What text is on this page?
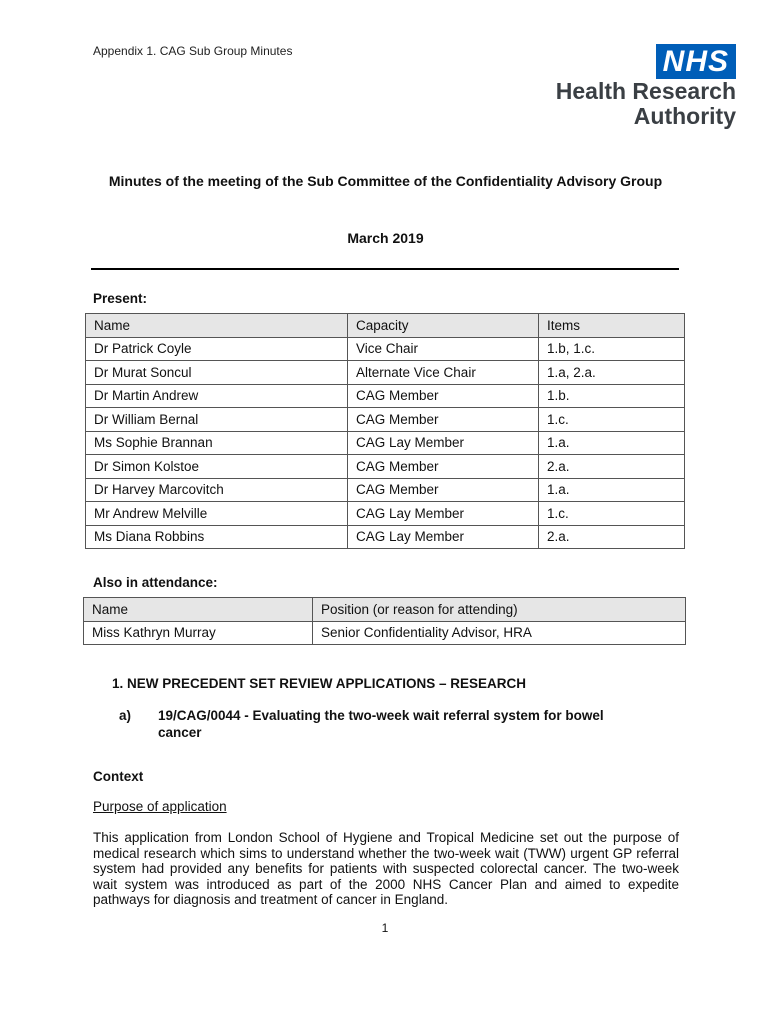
Appendix 1. CAG Sub Group Minutes	NHS
Health Research
Authority
Minutes of the meeting of the Sub Committee of the Confidentiality Advisory Group
March 2019
Present:
Name	Capacity	Items
Dr Patrick Coyle	Vice Chair	1.b, 1.c.
Dr Murat Soncul	Alternate Vice Chair	1.a, 2.a.
Dr Martin Andrew	CAG Member	1.b.
Dr William Bernal	CAG Member	1.c.
Ms Sophie Brannan	CAG Lay Member	1.a.
Dr Simon Kolstoe	CAG Member	2.a.
Dr Harvey Marcovitch	CAG Member	1.a.
Mr Andrew Melville	CAG Lay Member	1.c.
Ms Diana Robbins	CAG Lay Member	2.a.
Also in attendance:
Name	Position (or reason for attending)
Miss Kathryn Murray	Senior Confidentiality Advisor, HRA
1. NEW PRECEDENT SET REVIEW APPLICATIONS – RESEARCH
a) 19/CAG/0044 - Evaluating the two-week wait referral system for bowel cancer
Context
Purpose of application
This application from London School of Hygiene and Tropical Medicine set out the purpose of medical research which sims to understand whether the two-week wait (TWW) urgent GP referral system had provided any benefits for patients with suspected colorectal cancer. The two-week wait system was introduced as part of the 2000 NHS Cancer Plan and aimed to expedite pathways for diagnosis and treatment of cancer in England.
1
